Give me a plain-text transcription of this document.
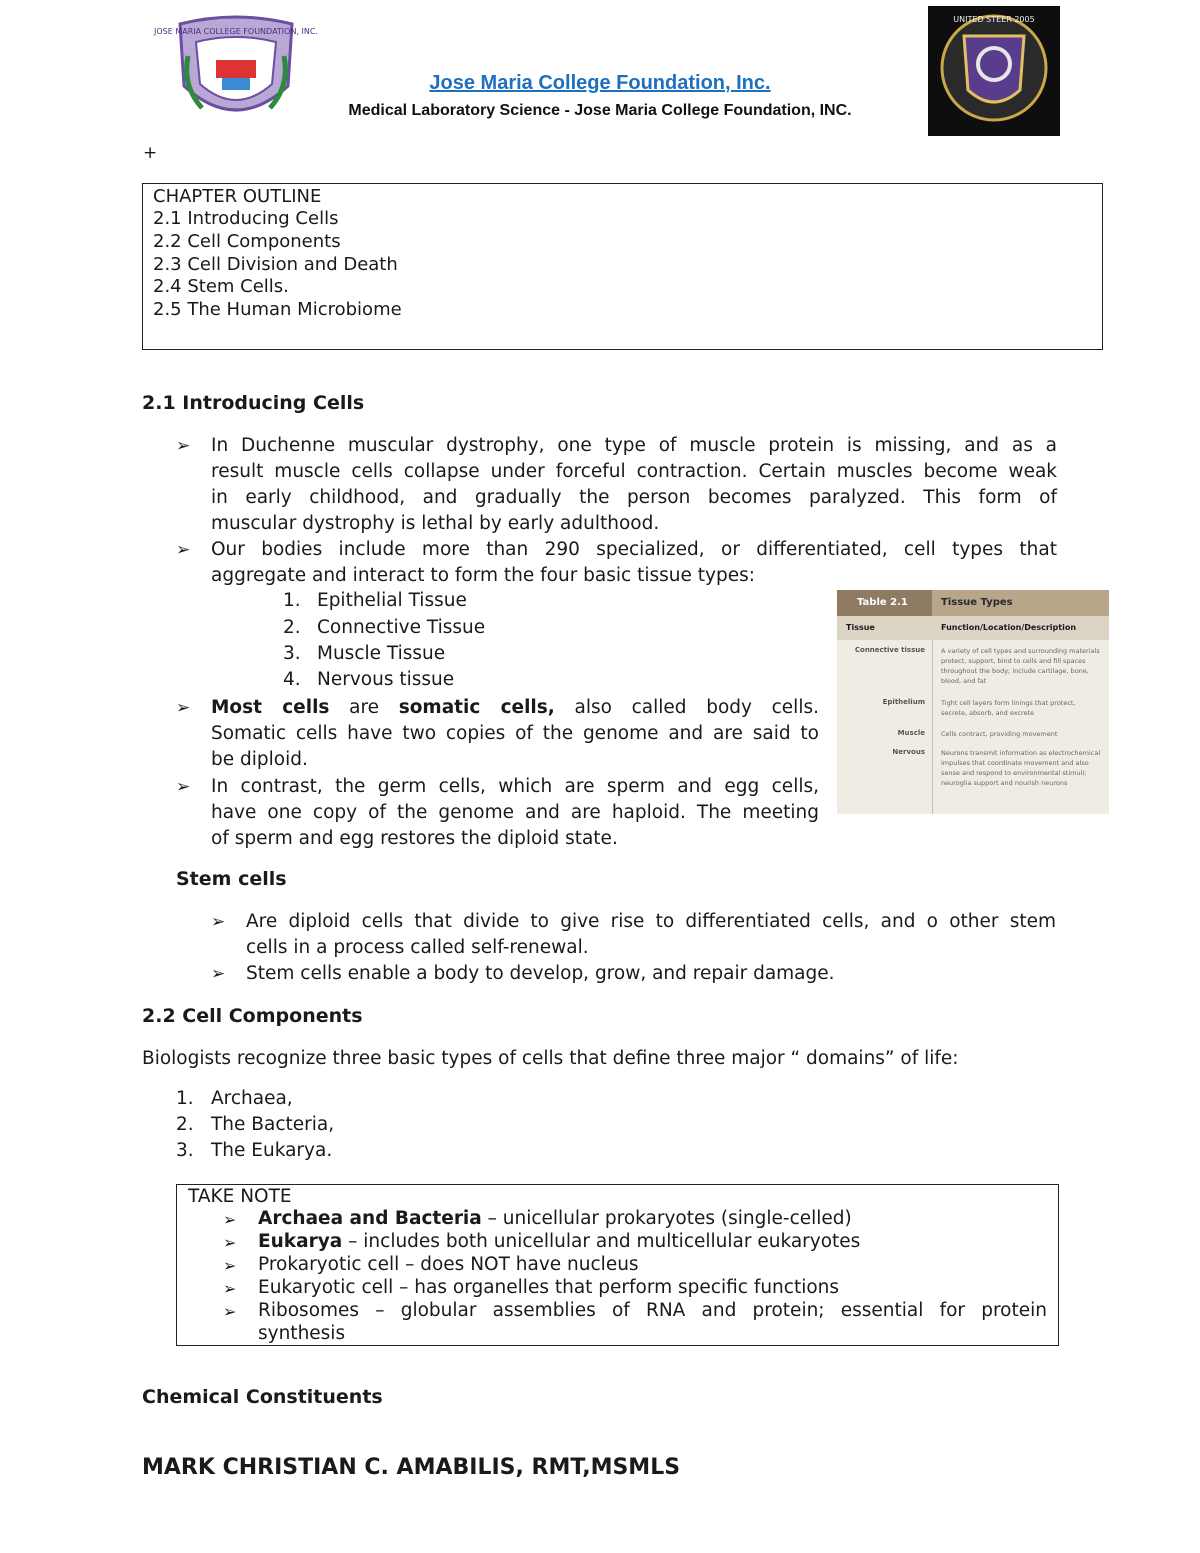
JOSE MARIA COLLEGE FOUNDATION, INC.
UNITED STEER 2005
Jose Maria College Foundation, Inc.
Medical Laboratory Science - Jose Maria College Foundation, INC.
+
CHAPTER OUTLINE
2.1 Introducing Cells
2.2 Cell Components
2.3 Cell Division and Death
2.4 Stem Cells.
2.5 The Human Microbiome
2.1 Introducing Cells
➢ In Duchenne muscular dystrophy, one type of muscle protein is missing, and as a
result muscle cells collapse under forceful contraction. Certain muscles become weak
in early childhood, and gradually the person becomes paralyzed. This form of
muscular dystrophy is lethal by early adulthood.
➢ Our bodies include more than 290 specialized, or differentiated, cell types that
aggregate and interact to form the four basic tissue types:
1. Epithelial Tissue
2. Connective Tissue
3. Muscle Tissue
4. Nervous tissue
➢ Most cells are somatic cells, also called body cells.
Somatic cells have two copies of the genome and are said to
be diploid.
➢ In contrast, the germ cells, which are sperm and egg cells,
have one copy of the genome and are haploid. The meeting
of sperm and egg restores the diploid state.
Table 2.1	Tissue Types
Tissue	Function/Location/Description
Connective tissue A variety of cell types and surrounding materials protect, support, bind to cells and fill spaces throughout the body; include cartilage, bone, blood, and fat
Epithelium Tight cell layers form linings that protect, secrete, absorb, and excrete
Muscle Cells contract, providing movement
Nervous Neurons transmit information as electrochemical impulses that coordinate movement and also sense and respond to environmental stimuli; neuroglia support and nourish neurons
Stem cells
➢ Are diploid cells that divide to give rise to differentiated cells, and o other stem
cells in a process called self-renewal.
➢ Stem cells enable a body to develop, grow, and repair damage.
2.2 Cell Components
Biologists recognize three basic types of cells that define three major “ domains” of life:
1. Archaea,
2. The Bacteria,
3. The Eukarya.
TAKE NOTE
➢ Archaea and Bacteria – unicellular prokaryotes (single-celled)
➢ Eukarya – includes both unicellular and multicellular eukaryotes
➢ Prokaryotic cell – does NOT have nucleus
➢ Eukaryotic cell – has organelles that perform specific functions
➢ Ribosomes – globular assemblies of RNA and protein; essential for protein
synthesis
Chemical Constituents
MARK CHRISTIAN C. AMABILIS, RMT,MSMLS
